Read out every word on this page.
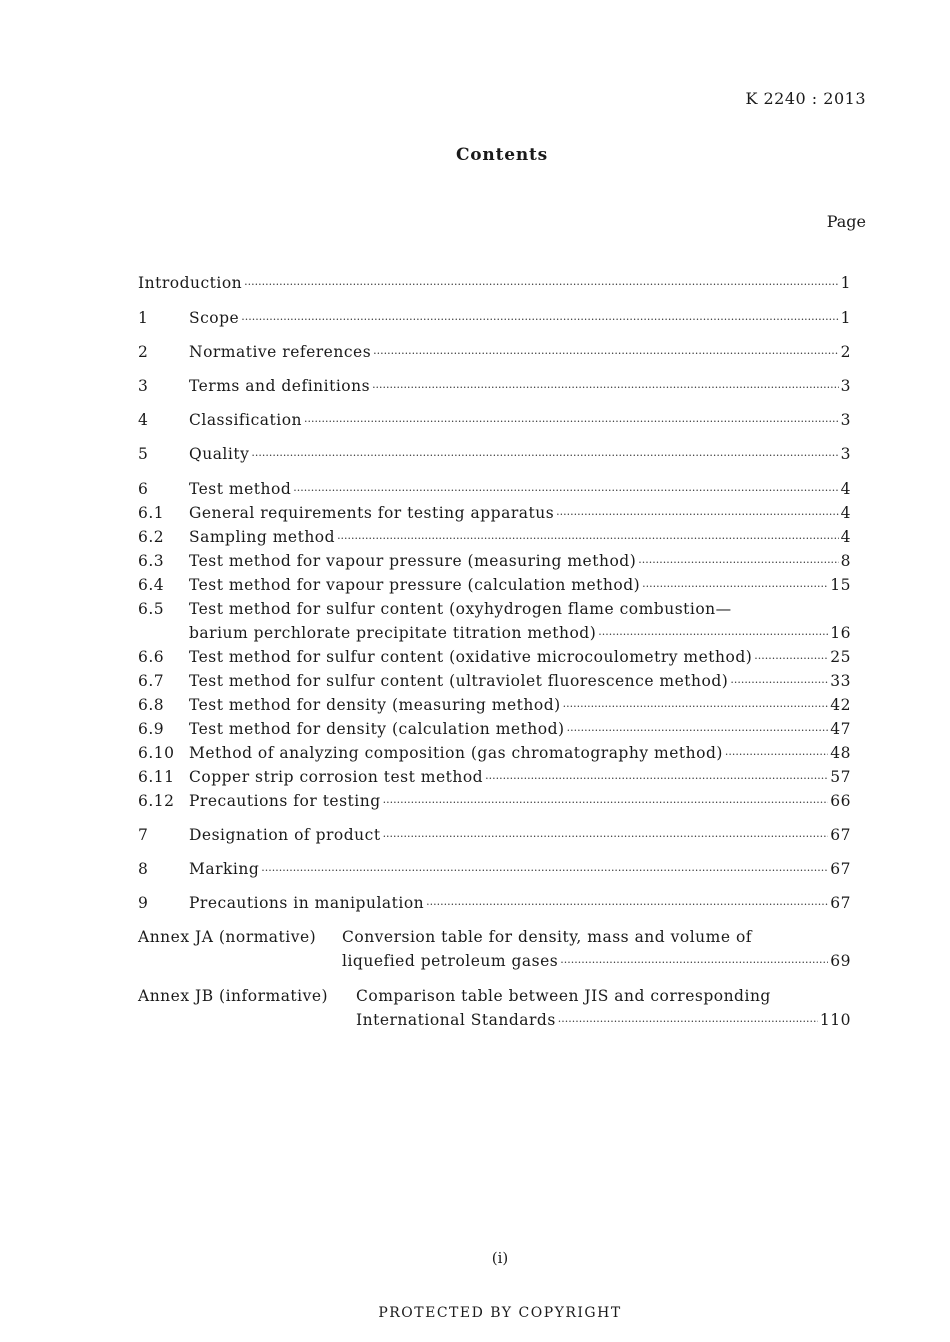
K 2240 : 2013
Contents
Page
Introduction ·····	1
1	Scope ·····	1
2	Normative references ·····	2
3	Terms and definitions ·····	3
4	Classification ·····	3
5	Quality ·····	3
6	Test method ·····	4
6.1	General requirements for testing apparatus ·····	4
6.2	Sampling method ·····	4
6.3	Test method for vapour pressure (measuring method) ·····	8
6.4	Test method for vapour pressure (calculation method) ·····	15
6.5	Test method for sulfur content (oxyhydrogen flame combustion—
barium perchlorate precipitate titration method) ·····	16
6.6	Test method for sulfur content (oxidative microcoulometry method) ·····	25
6.7	Test method for sulfur content (ultraviolet fluorescence method) ·····	33
6.8	Test method for density (measuring method) ·····	42
6.9	Test method for density (calculation method) ·····	47
6.10 Method of analyzing composition (gas chromatography method) ·····	48
6.11 Copper strip corrosion test method ·····	57
6.12 Precautions for testing ·····	66
7	Designation of product ·····	67
8	Marking ·····	67
9	Precautions in manipulation ·····	67
Annex JA (normative)	Conversion table for density, mass and volume of
liquefied petroleum gases ·····	69
Annex JB (informative)	Comparison table between JIS and corresponding
International Standards ·····	110
(i)
PROTECTED BY COPYRIGHT
